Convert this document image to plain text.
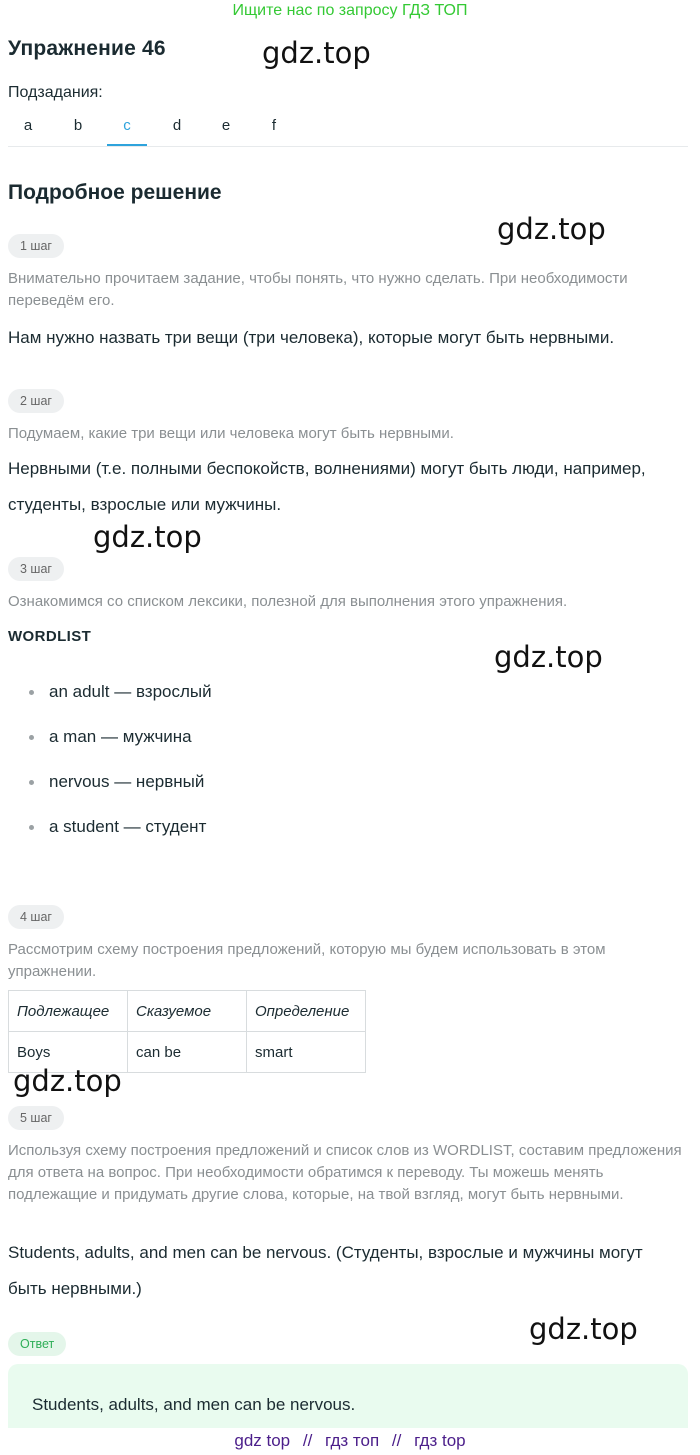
Ищите нас по запросу ГДЗ ТОП
Упражнение 46	gdz.top
Подзадания:
a	b	c	d	e	f
Подробное решение
gdz.top
1 шаг
Внимательно прочитаем задание, чтобы понять, что нужно сделать. При необходимости переведём его.
Нам нужно назвать три вещи (три человека), которые могут быть нервными.
2 шаг
Подумаем, какие три вещи или человека могут быть нервными.
Нервными (т.е. полными беспокойств, волнениями) могут быть люди, например, студенты, взрослые или мужчины.
gdz.top
3 шаг
Ознакомимся со списком лексики, полезной для выполнения этого упражнения.
WORDLIST
gdz.top
an adult — взрослый
a man — мужчина
nervous — нервный
a student — студент
4 шаг
Рассмотрим схему построения предложений, которую мы будем использовать в этом упражнении.
Подлежащее	Сказуемое	Определение
Boys	can be	smart
gdz.top
5 шаг
Используя схему построения предложений и список слов из WORDLIST, составим предложения для ответа на вопрос. При необходимости обратимся к переводу. Ты можешь менять подлежащие и придумать другие слова, которые, на твой взгляд, могут быть нервными.
Students, adults, and men can be nervous. (Студенты, взрослые и мужчины могут быть нервными.)
Ответ	gdz.top
Students, adults, and men can be nervous.
gdz top // гдз топ // гдз top
